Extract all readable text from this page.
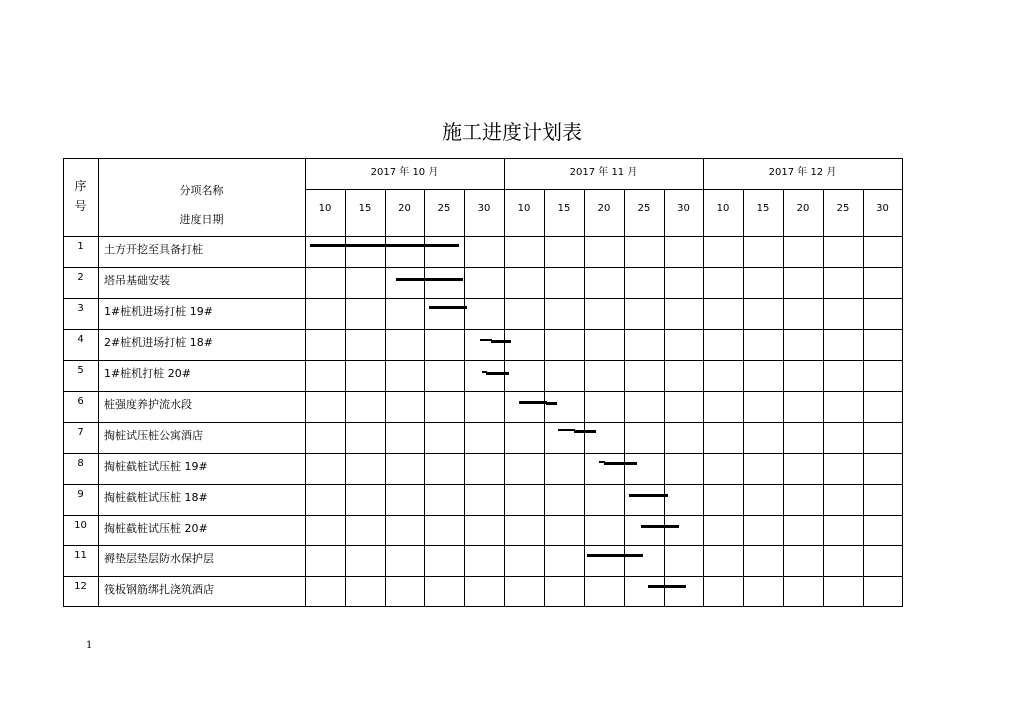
施工进度计划表
序
号
分项名称
进度日期
2017 年 10 月	2017 年 11 月	2017 年 12 月
10	15	20	25	30	10	15	20	25	30	10	15	20	25	30
1	土方开挖至具备打桩
2	塔吊基础安装
3	1#桩机进场打桩 19#
4	2#桩机进场打桩 18#
5	1#桩机打桩 20#
6	桩强度养护流水段
7	掏桩试压桩公寓酒店
8	掏桩截桩试压桩 19#
9	掏桩截桩试压桩 18#
10	掏桩截桩试压桩 20#
11	褥垫层垫层防水保护层
12	筏板钢筋绑扎浇筑酒店
1
